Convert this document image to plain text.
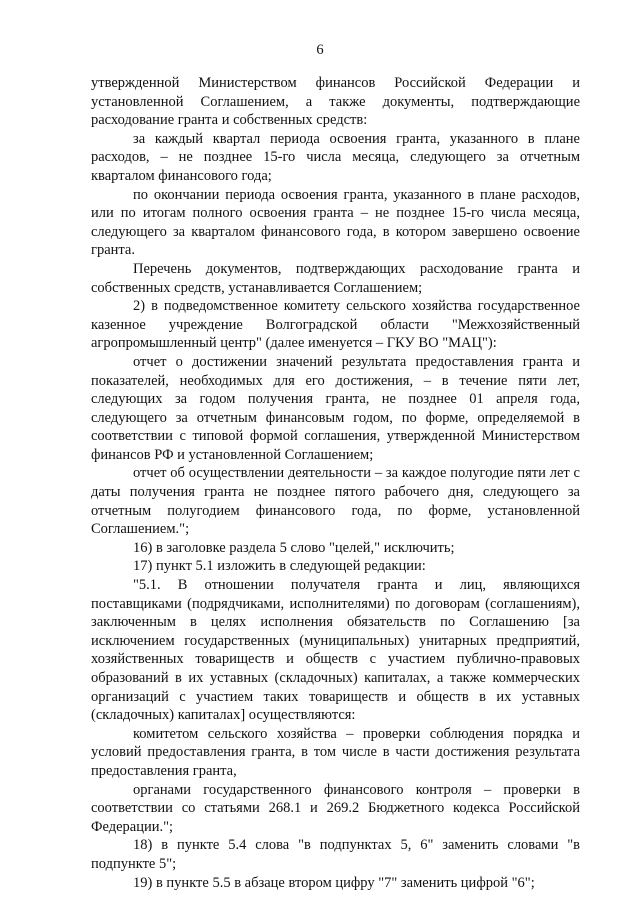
6

утвержденной Министерством финансов Российской Федерации и установленной Соглашением, а также документы, подтверждающие расходование гранта и собственных средств:

за каждый квартал периода освоения гранта, указанного в плане расходов, – не позднее 15-го числа месяца, следующего за отчетным кварталом финансового года;

по окончании периода освоения гранта, указанного в плане расходов, или по итогам полного освоения гранта – не позднее 15-го числа месяца, следующего за кварталом финансового года, в котором завершено освоение гранта.

Перечень документов, подтверждающих расходование гранта и собственных средств, устанавливается Соглашением;

2) в подведомственное комитету сельского хозяйства государственное казенное учреждение Волгоградской области "Межхозяйственный агропромышленный центр" (далее именуется – ГКУ ВО "МАЦ"):

отчет о достижении значений результата предоставления гранта и показателей, необходимых для его достижения, – в течение пяти лет, следующих за годом получения гранта, не позднее 01 апреля года, следующего за отчетным финансовым годом, по форме, определяемой в соответствии с типовой формой соглашения, утвержденной Министерством финансов РФ и установленной Соглашением;

отчет об осуществлении деятельности – за каждое полугодие пяти лет с даты получения гранта не позднее пятого рабочего дня, следующего за отчетным полугодием финансового года, по форме, установленной Соглашением.";

16) в заголовке раздела 5 слово "целей," исключить;

17) пункт 5.1 изложить в следующей редакции:

"5.1. В отношении получателя гранта и лиц, являющихся поставщиками (подрядчиками, исполнителями) по договорам (соглашениям), заключенным в целях исполнения обязательств по Соглашению [за исключением государственных (муниципальных) унитарных предприятий, хозяйственных товариществ и обществ с участием публично-правовых образований в их уставных (складочных) капиталах, а также коммерческих организаций с участием таких товариществ и обществ в их уставных (складочных) капиталах] осуществляются:

комитетом сельского хозяйства – проверки соблюдения порядка и условий предоставления гранта, в том числе в части достижения результата предоставления гранта,

органами государственного финансового контроля – проверки в соответствии со статьями 268.1 и 269.2 Бюджетного кодекса Российской Федерации.";

18) в пункте 5.4 слова "в подпунктах 5, 6" заменить словами "в подпункте 5";

19) в пункте 5.5 в абзаце втором цифру "7" заменить цифрой "6";
